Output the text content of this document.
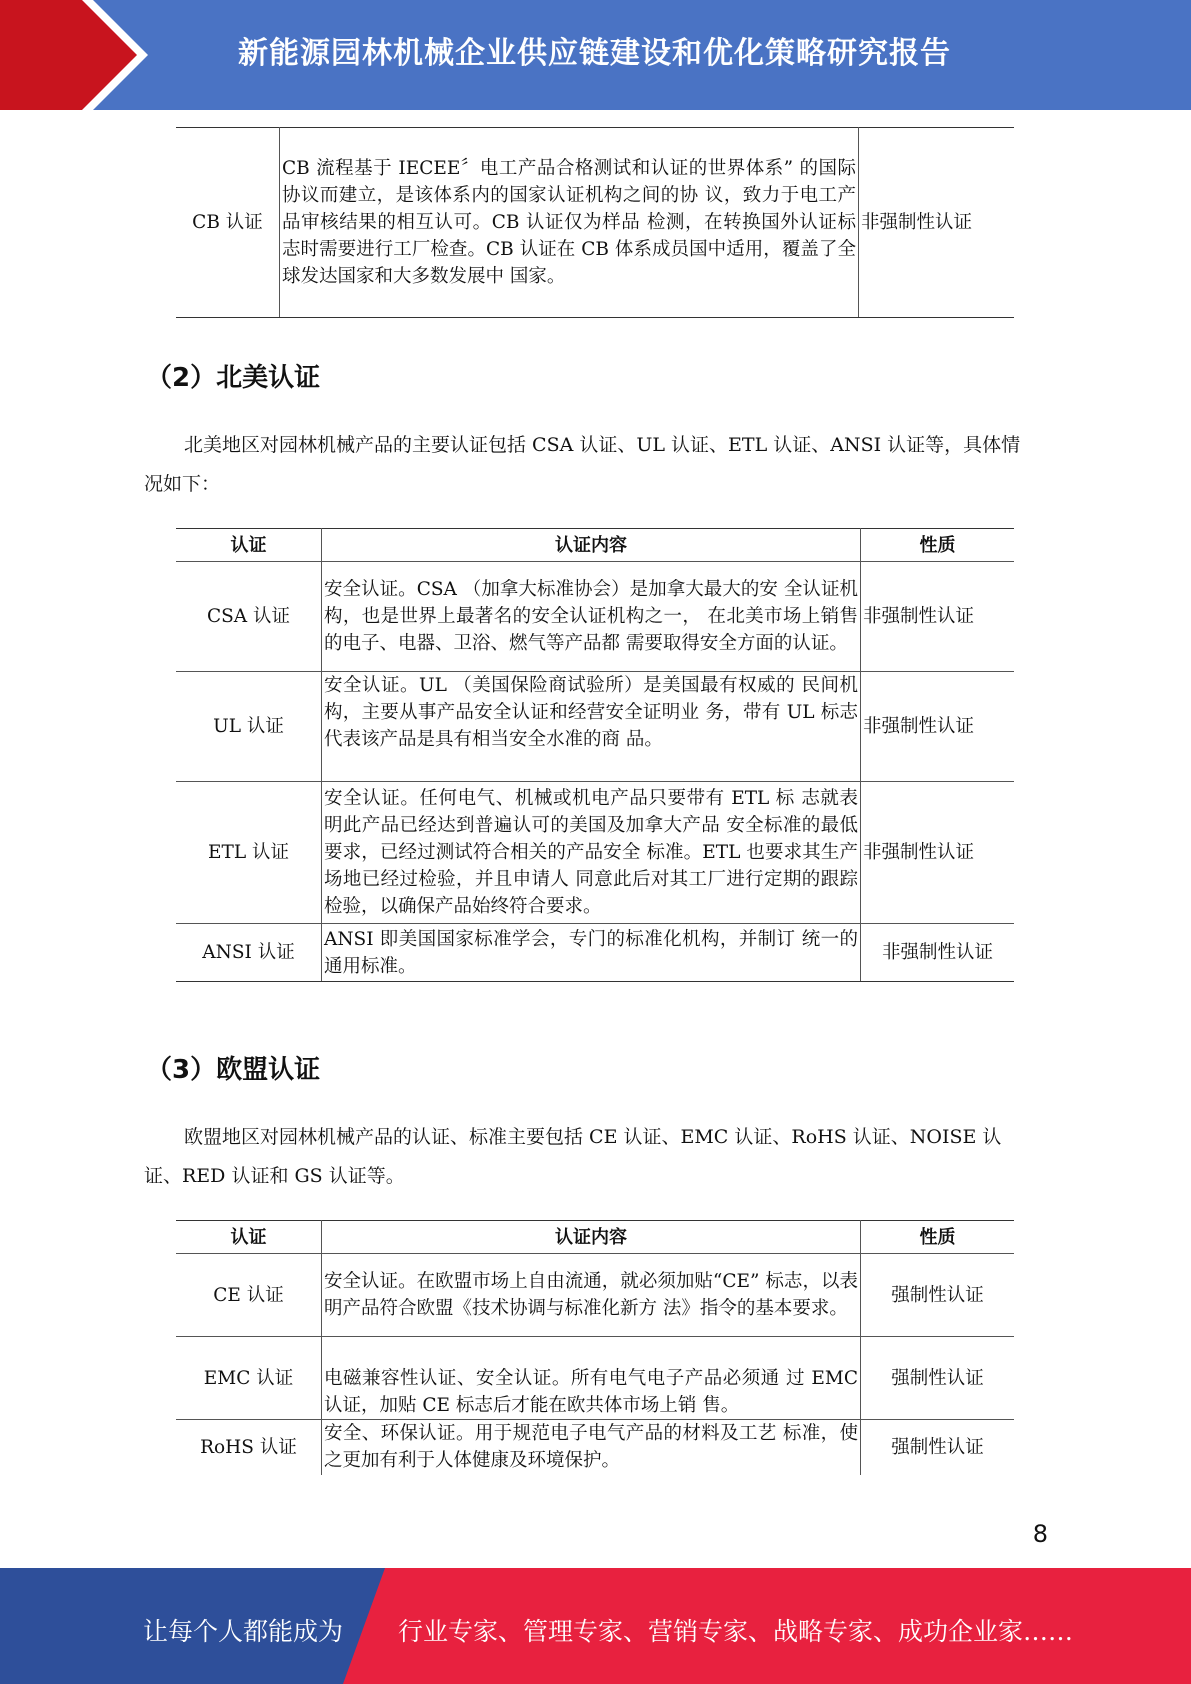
新能源园林机械企业供应链建设和优化策略研究报告
CB 认证	CB 流程基于 IECEE〞电工产品合格测试和认证的世界体系” 的国际协议而建立，是该体系内的国家认证机构之间的协 议，致力于电工产品审核结果的相互认可。CB 认证仅为样品 检测，在转换国外认证标志时需要进行工厂检查。CB 认证在 CB 体系成员国中适用，覆盖了全球发达国家和大多数发展中 国家。	非强制性认证
（2）北美认证
北美地区对园林机械产品的主要认证包括 CSA 认证、UL 认证、ETL 认证、ANSI 认证等，具体情况如下：
认证	认证内容	性质
CSA 认证	安全认证。CSA （加拿大标准协会）是加拿大最大的安 全认证机构，也是世界上最著名的安全认证机构之一， 在北美市场上销售的电子、电器、卫浴、燃气等产品都 需要取得安全方面的认证。	非强制性认证
UL 认证	安全认证。UL （美国保险商试验所）是美国最有权威的 民间机构，主要从事产品安全认证和经营安全证明业 务，带有 UL 标志代表该产品是具有相当安全水准的商 品。	非强制性认证
ETL 认证	安全认证。任何电气、机械或机电产品只要带有 ETL 标 志就表明此产品已经达到普遍认可的美国及加拿大产品 安全标准的最低要求，已经过测试符合相关的产品安全 标准。ETL 也要求其生产场地已经过检验，并且申请人 同意此后对其工厂进行定期的跟踪检验，以确保产品始终符合要求。	非强制性认证
ANSI 认证	ANSI 即美国国家标准学会，专门的标准化机构，并制订 统一的通用标准。	非强制性认证
（3）欧盟认证
欧盟地区对园林机械产品的认证、标准主要包括 CE 认证、EMC 认证、RoHS 认证、NOISE 认证、RED 认证和 GS 认证等。
认证	认证内容	性质
CE 认证	安全认证。在欧盟市场上自由流通，就必须加贴“CE” 标志，以表明产品符合欧盟《技术协调与标准化新方 法》指令的基本要求。	强制性认证
EMC 认证	电磁兼容性认证、安全认证。所有电气电子产品必须通 过 EMC 认证，加贴 CE 标志后才能在欧共体市场上销 售。	强制性认证
RoHS 认证	安全、环保认证。用于规范电子电气产品的材料及工艺 标准，使之更加有利于人体健康及环境保护。	强制性认证
8
让每个人都能成为 行业专家、管理专家、营销专家、战略专家、成功企业家……
